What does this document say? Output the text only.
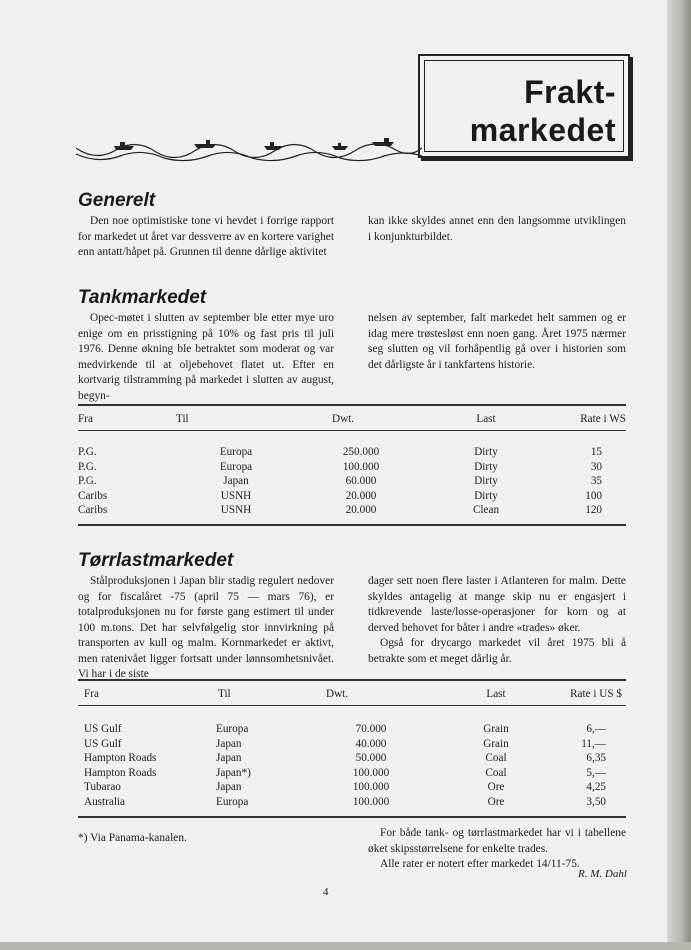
Frakt-
markedet
Generelt

Den noe optimistiske tone vi hevdet i forrige rapport for markedet ut året var dessverre av en kortere varighet enn antatt/håpet på. Grunnen til denne dårlige aktivitet

kan ikke skyldes annet enn den langsomme utviklingen i konjunkturbildet.

Tankmarkedet

Opec-møtet i slutten av september ble etter mye uro enige om en prisstigning på 10% og fast pris til juli 1976. Denne økning ble betraktet som moderat og var medvirkende til at oljebehovet flatet ut. Efter en kortvarig tilstramming på markedet i slutten av august, begyn-

nelsen av september, falt markedet helt sammen og er idag mere trøstesløst enn noen gang. Året 1975 nærmer seg slutten og vil forhåpentlig gå over i historien som det dårligste år i tankfartens historie.

Fra	Til	Dwt.	Last	Rate i WS

P.G.	Europa	250.000	Dirty	15
P.G.	Europa	100.000	Dirty	30
P.G.	Japan	60.000	Dirty	35
Caribs	USNH	20.000	Dirty	100
Caribs	USNH	20.000	Clean	120
Tørrlastmarkedet

Stålproduksjonen i Japan blir stadig regulert nedover og for fiscalåret -75 (april 75 — mars 76), er totalproduksjonen nu for første gang estimert til under 100 m.tons. Det har selvfølgelig stor innvirkning på transporten av kull og malm. Kornmarkedet er aktivt, men ratenivået ligger fortsatt under lønnsomhetsnivået. Vi har i de siste

dager sett noen flere laster i Atlanteren for malm. Dette skyldes antagelig at mange skip nu er engasjert i tidkrevende laste/losse-operasjoner for korn og at derved behovet for båter i andre «trades» øker.

Også for drycargo markedet vil året 1975 bli å betrakte som et meget dårlig år.

Fra	Til	Dwt.	Last	Rate i US $

US Gulf	Europa	70.000	Grain	6,—
US Gulf	Japan	40.000	Grain	11,—
Hampton Roads	Japan	50.000	Coal	6,35
Hampton Roads	Japan*)	100.000	Coal	5,—
Tubarao	Japan	100.000	Ore	4,25
Australia	Europa	100.000	Ore	3,50
*) Via Panama-kanalen.	For både tank- og tørrlastmarkedet har vi i tabellene øket skipsstørrelsene for enkelte trades.

Alle rater er notert efter markedet 14/11-75.

R. M. Dahl
4
